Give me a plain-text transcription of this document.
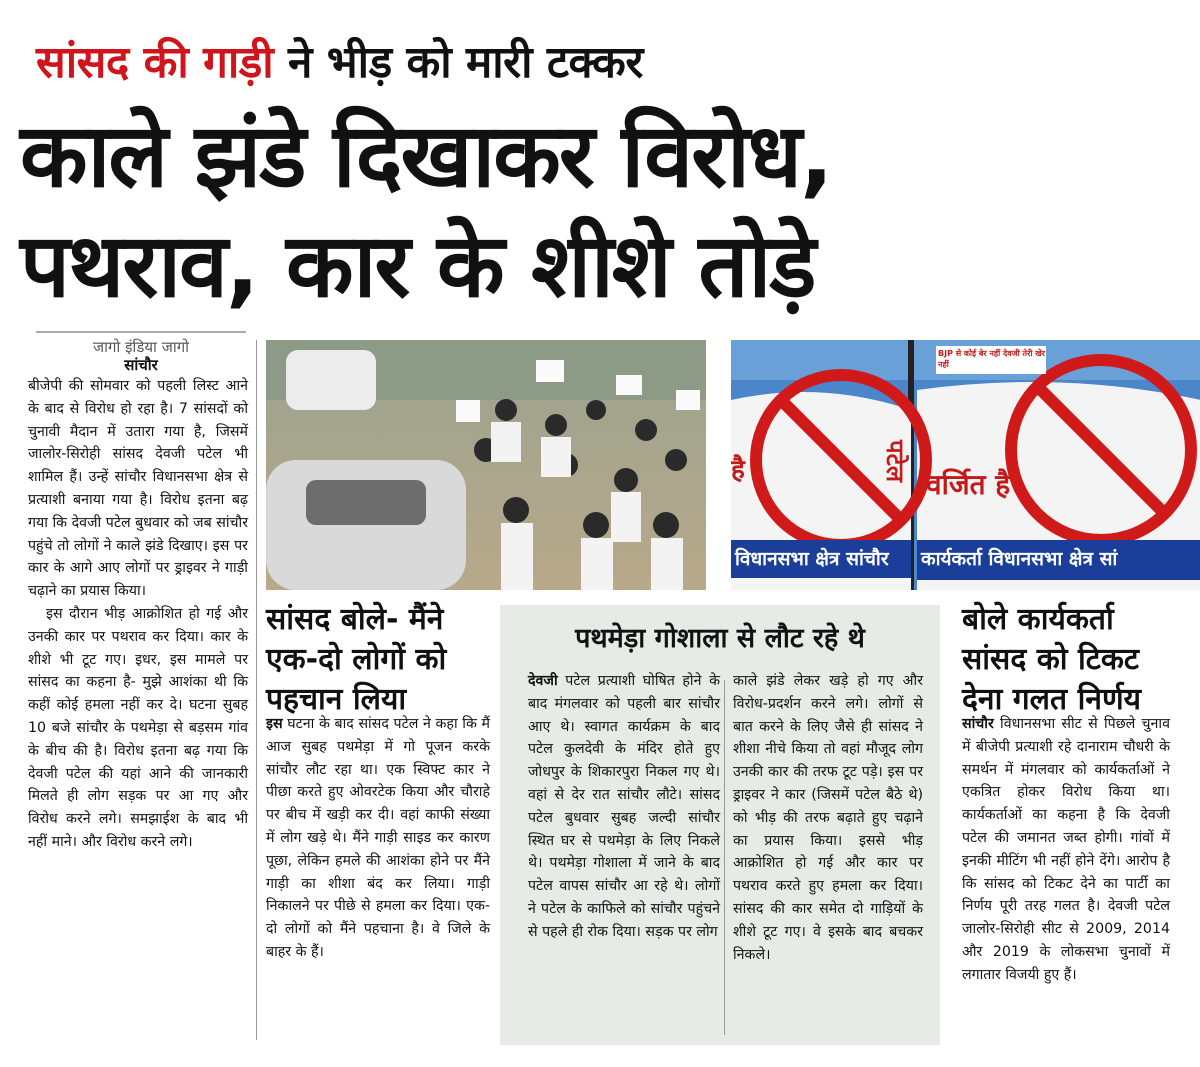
सांसद की गाड़ी ने भीड़ को मारी टक्कर
काले झंडे दिखाकर विरोध,
पथराव, कार के शीशे तोड़े
जागो इंडिया जागो
सांचौर

बीजेपी की सोमवार को पहली लिस्ट आने के बाद से विरोध हो रहा है। 7 सांसदों को चुनावी मैदान में उतारा गया है, जिसमें जालोर-सिरोही सांसद देवजी पटेल भी शामिल हैं। उन्हें सांचौर विधानसभा क्षेत्र से प्रत्याशी बनाया गया है। विरोध इतना बढ़ गया कि देवजी पटेल बुधवार को जब सांचौर पहुंचे तो लोगों ने काले झंडे दिखाए। इस पर कार के आगे आए लोगों पर ड्राइवर ने गाड़ी चढ़ाने का प्रयास किया।

इस दौरान भीड़ आक्रोशित हो गई और उनकी कार पर पथराव कर दिया। कार के शीशे भी टूट गए। इधर, इस मामले पर सांसद का कहना है- मुझे आशंका थी कि कहीं कोई हमला नहीं कर दे। घटना सुबह 10 बजे सांचौर के पथमेड़ा से बड़सम गांव के बीच की है। विरोध इतना बढ़ गया कि देवजी पटेल की यहां आने की जानकारी मिलते ही लोग सड़क पर आ गए और विरोध करने लगे। समझाईश के बाद भी नहीं माने। और विरोध करने लगे।

BJP से कोई बेर नहीं देवजी तेरी खेर नहीं
पटेल
है	वर्जित है
विधानसभा क्षेत्र सांचौर कार्यकर्ता विधानसभा क्षेत्र सां
सांसद बोले- मैंने एक-दो लोगों को पहचान लिया

इस घटना के बाद सांसद पटेल ने कहा कि मैं आज सुबह पथमेड़ा में गो पूजन करके सांचौर लौट रहा था। एक स्विफ्ट कार ने पीछा करते हुए ओवरटेक किया और चौराहे पर बीच में खड़ी कर दी। वहां काफी संख्या में लोग खड़े थे। मैंने गाड़ी साइड कर कारण पूछा, लेकिन हमले की आशंका होने पर मैंने गाड़ी का शीशा बंद कर लिया। गाड़ी निकालने पर पीछे से हमला कर दिया। एक-दो लोगों को मैंने पहचाना है। वे जिले के बाहर के हैं।

पथमेड़ा गोशाला से लौट रहे थे

देवजी पटेल प्रत्याशी घोषित होने के बाद मंगलवार को पहली बार सांचौर आए थे। स्वागत कार्यक्रम के बाद पटेल कुलदेवी के मंदिर होते हुए जोधपुर के शिकारपुरा निकल गए थे। वहां से देर रात सांचौर लौटे। सांसद पटेल बुधवार सुबह जल्दी सांचौर स्थित घर से पथमेड़ा के लिए निकले थे। पथमेड़ा गोशाला में जाने के बाद पटेल वापस सांचौर आ रहे थे। लोगों ने पटेल के काफिले को सांचौर पहुंचने से पहले ही रोक दिया। सड़क पर लोग

काले झंडे लेकर खड़े हो गए और विरोध-प्रदर्शन करने लगे। लोगों से बात करने के लिए जैसे ही सांसद ने शीशा नीचे किया तो वहां मौजूद लोग उनकी कार की तरफ टूट पड़े। इस पर ड्राइवर ने कार (जिसमें पटेल बैठे थे) को भीड़ की तरफ बढ़ाते हुए चढ़ाने का प्रयास किया। इससे भीड़ आक्रोशित हो गई और कार पर पथराव करते हुए हमला कर दिया। सांसद की कार समेत दो गाड़ियों के शीशे टूट गए। वे इसके बाद बचकर निकले।

बोले कार्यकर्ता सांसद को टिकट देना गलत निर्णय

सांचौर विधानसभा सीट से पिछले चुनाव में बीजेपी प्रत्याशी रहे दानाराम चौधरी के समर्थन में मंगलवार को कार्यकर्ताओं ने एकत्रित होकर विरोध किया था। कार्यकर्ताओं का कहना है कि देवजी पटेल की जमानत जब्त होगी। गांवों में इनकी मीटिंग भी नहीं होने देंगे। आरोप है कि सांसद को टिकट देने का पार्टी का निर्णय पूरी तरह गलत है। देवजी पटेल जालोर-सिरोही सीट से 2009, 2014 और 2019 के लोकसभा चुनावों में लगातार विजयी हुए हैं।
